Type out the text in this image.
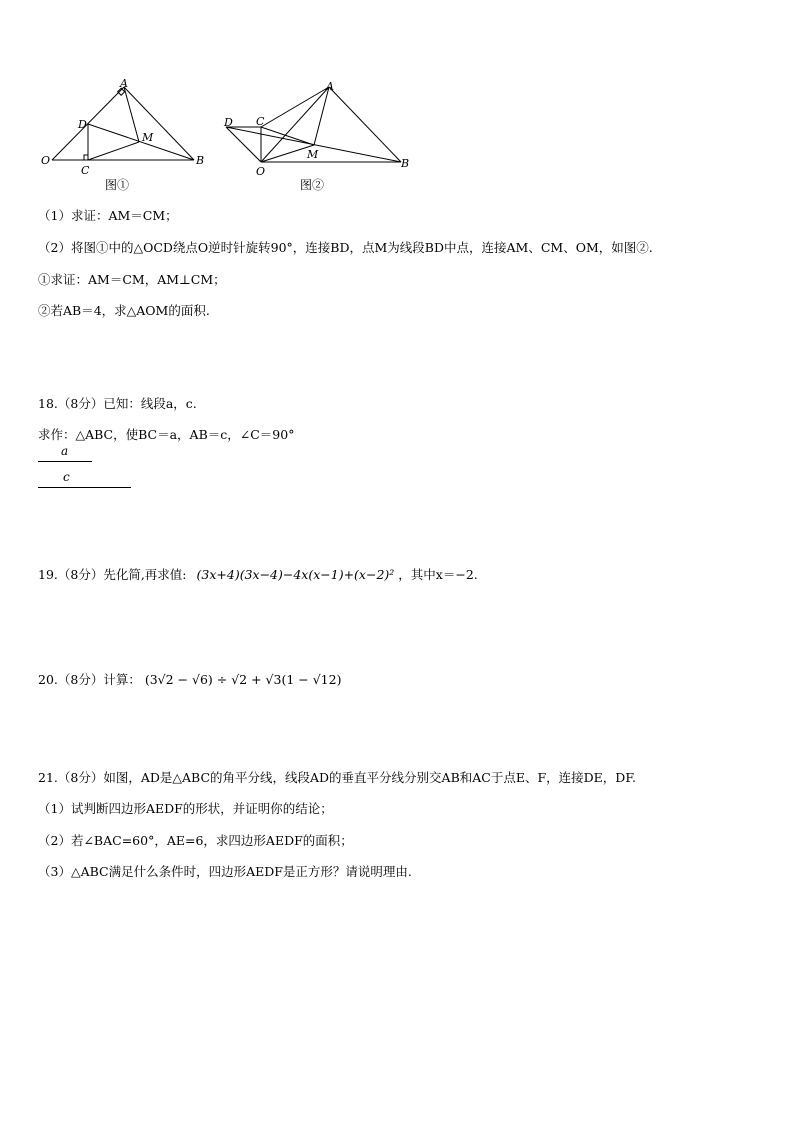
A
B
C
D
M
O
图①
A
B
C
D
M
O
图②
（1）求证：AM＝CM；
（2）将图①中的△OCD绕点O逆时针旋转90°，连接BD，点M为线段BD中点，连接AM、CM、OM，如图②.
①求证：AM＝CM，AM⊥CM；
②若AB＝4，求△AOM的面积.
18.（8分）已知：线段a，c.
求作：△ABC，使BC＝a，AB＝c，∠C＝90°
a
c
19.（8分）先化简,再求值: (3x+4)(3x−4)−4x(x−1)+(x−2)² ，其中x＝−2.
20.（8分）计算： (3√2 − √6) ÷ √2 + √3(1 − √12)
21.（8分）如图，AD是△ABC的角平分线，线段AD的垂直平分线分别交AB和AC于点E、F，连接DE，DF.
（1）试判断四边形AEDF的形状，并证明你的结论；
（2）若∠BAC=60°，AE=6，求四边形AEDF的面积；
（3）△ABC满足什么条件时，四边形AEDF是正方形？请说明理由.
